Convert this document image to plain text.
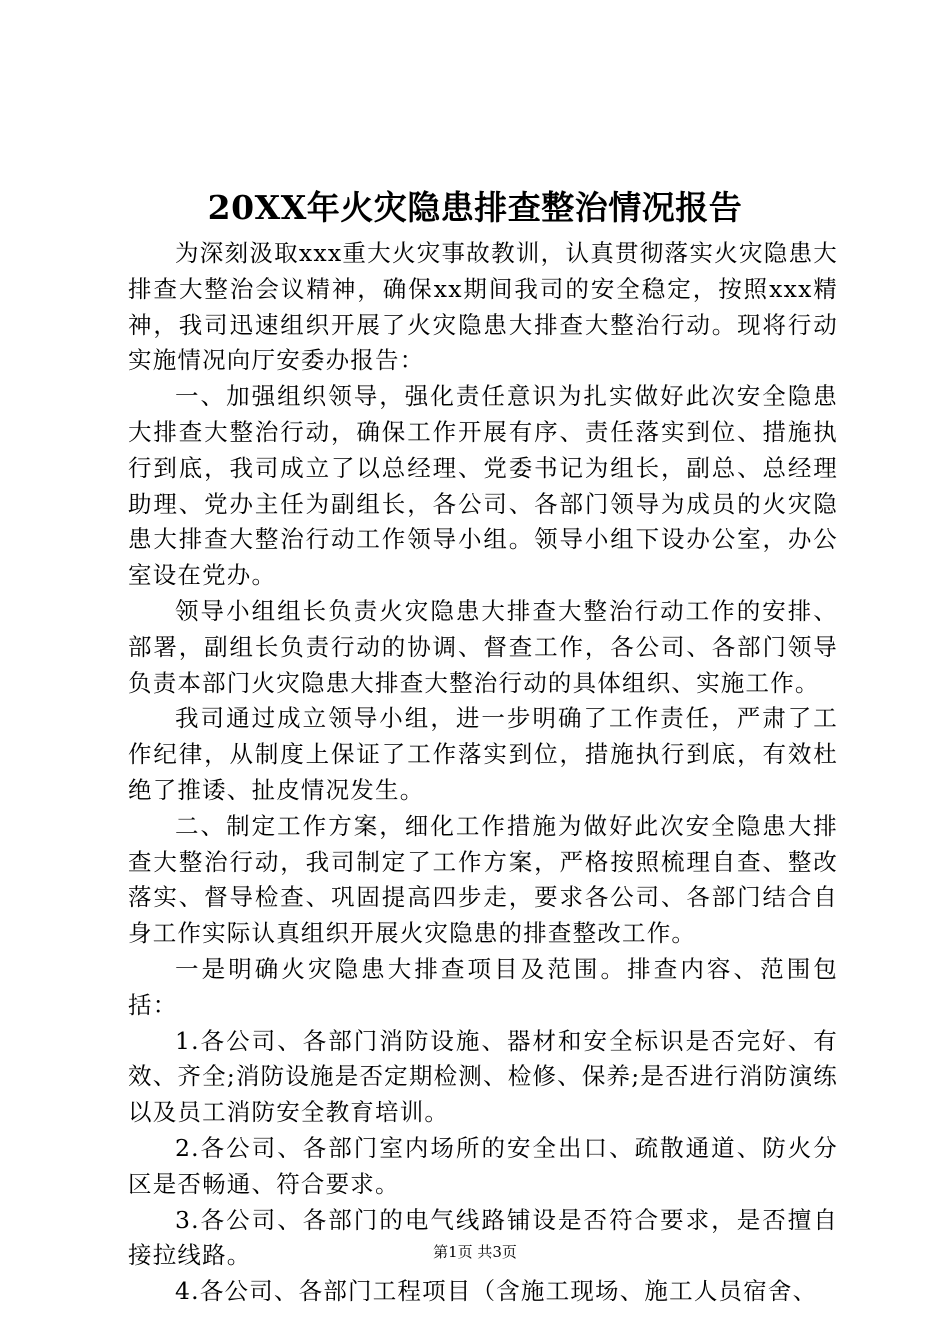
20XX年火灾隐患排查整治情况报告

为深刻汲取xxx重大火灾事故教训，认真贯彻落实火灾隐患大排查大整治会议精神，确保xx期间我司的安全稳定，按照xxx精神，我司迅速组织开展了火灾隐患大排查大整治行动。现将行动实施情况向厅安委办报告：

一、加强组织领导，强化责任意识为扎实做好此次安全隐患大排查大整治行动，确保工作开展有序、责任落实到位、措施执行到底，我司成立了以总经理、党委书记为组长，副总、总经理助理、党办主任为副组长，各公司、各部门领导为成员的火灾隐患大排查大整治行动工作领导小组。领导小组下设办公室，办公室设在党办。

领导小组组长负责火灾隐患大排查大整治行动工作的安排、部署，副组长负责行动的协调、督查工作，各公司、各部门领导负责本部门火灾隐患大排查大整治行动的具体组织、实施工作。

我司通过成立领导小组，进一步明确了工作责任，严肃了工作纪律，从制度上保证了工作落实到位，措施执行到底，有效杜绝了推诿、扯皮情况发生。

二、制定工作方案，细化工作措施为做好此次安全隐患大排查大整治行动，我司制定了工作方案，严格按照梳理自查、整改落实、督导检查、巩固提高四步走，要求各公司、各部门结合自身工作实际认真组织开展火灾隐患的排查整改工作。

一是明确火灾隐患大排查项目及范围。排查内容、范围包括：

1.各公司、各部门消防设施、器材和安全标识是否完好、有效、齐全;消防设施是否定期检测、检修、保养;是否进行消防演练以及员工消防安全教育培训。

2.各公司、各部门室内场所的安全出口、疏散通道、防火分区是否畅通、符合要求。

3.各公司、各部门的电气线路铺设是否符合要求，是否擅自接拉线路。

4.各公司、各部门工程项目（含施工现场、施工人员宿舍、

第1页 共3页
